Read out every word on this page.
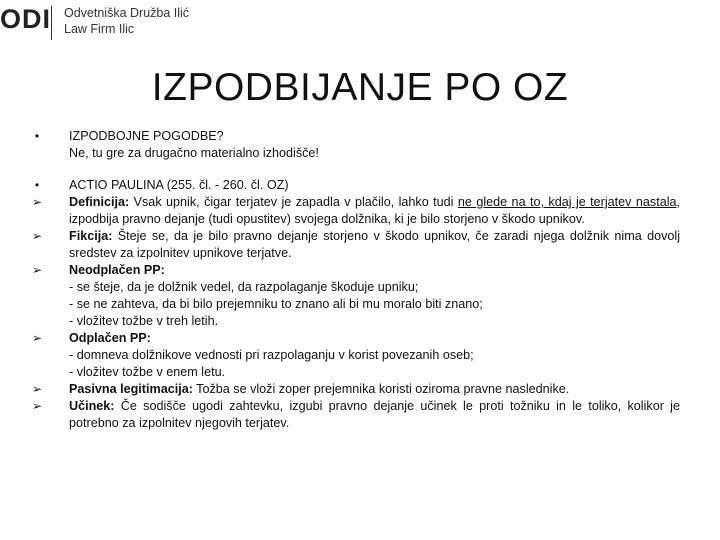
ODI Odvetniška Družba Ilić
Law Firm Ilic
IZPODBIJANJE PO OZ
•	IZPODBOJNE POGODBE?
Ne, tu gre za drugačno materialno izhodišče!
•	ACTIO PAULINA (255. čl. - 260. čl. OZ)
➢ Definicija: Vsak upnik, čigar terjatev je zapadla v plačilo, lahko tudi ne glede na to, kdaj je terjatev nastala, izpodbija pravno dejanje (tudi opustitev) svojega dolžnika, ki je bilo storjeno v škodo upnikov.
➢ Fikcija: Šteje se, da je bilo pravno dejanje storjeno v škodo upnikov, če zaradi njega dolžnik nima dovolj sredstev za izpolnitev upnikove terjatve.
➢ Neodplačen PP:
- se šteje, da je dolžnik vedel, da razpolaganje škoduje upniku;
- se ne zahteva, da bi bilo prejemniku to znano ali bi mu moralo biti znano;
- vložitev tožbe v treh letih.
➢ Odplačen PP:
- domneva dolžnikove vednosti pri razpolaganju v korist povezanih oseb;
- vložitev tožbe v enem letu.
➢ Pasivna legitimacija: Tožba se vloži zoper prejemnika koristi oziroma pravne naslednike.
➢ Učinek: Če sodišče ugodi zahtevku, izgubi pravno dejanje učinek le proti tožniku in le toliko, kolikor je potrebno za izpolnitev njegovih terjatev.
